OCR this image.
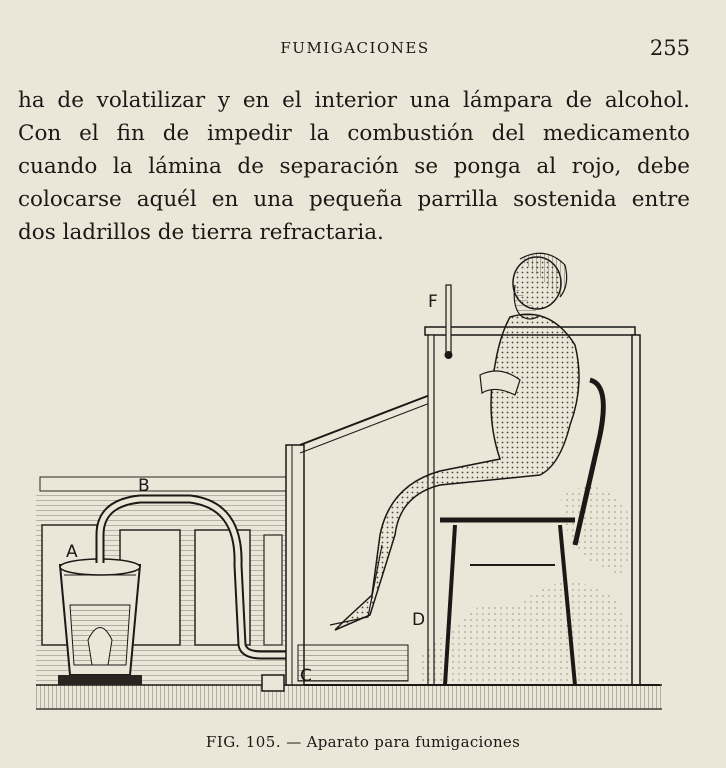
FUMIGACIONES	255
ha de volatilizar y en el interior una lámpara de alcohol.
Con el fin de impedir la combustión del medicamento
cuando la lámina de separación se ponga al rojo, debe
colocarse aquél en una pequeña parrilla sostenida entre
dos ladrillos de tierra refractaria.
A
B
C
D
F
FIG. 105. — Aparato para fumigaciones
